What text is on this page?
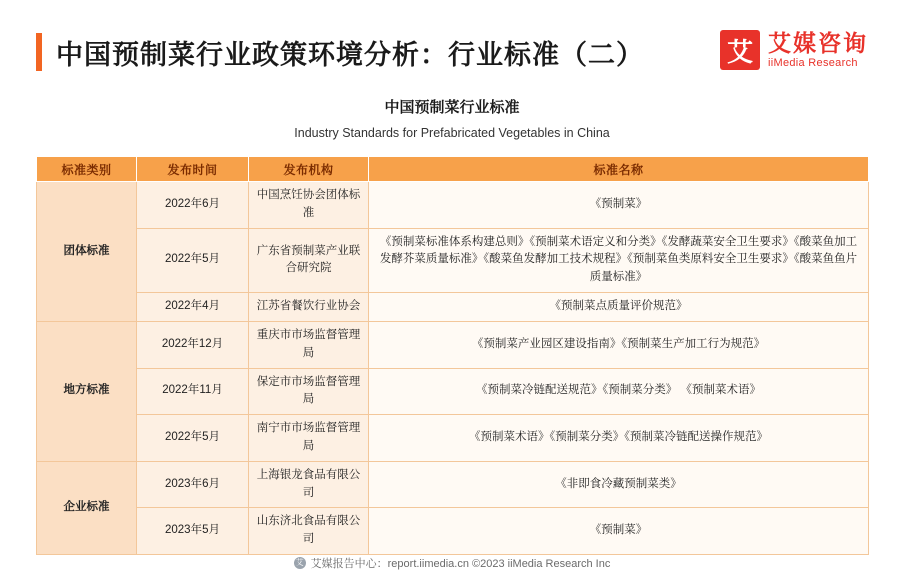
中国预制菜行业政策环境分析：行业标准（二）	艾 艾媒咨询
iiMedia Research
中国预制菜行业标准
Industry Standards for Prefabricated Vegetables in China
标准类别	发布时间	发布机构	标准名称
团体标准	2022年6月	中国烹饪协会团体标准	《预制菜》
	2022年5月	广东省预制菜产业联合研究院	《预制菜标准体系构建总则》《预制菜术语定义和分类》《发酵蔬菜安全卫生要求》《酸菜鱼加工发酵芥菜质量标准》《酸菜鱼发酵加工技术规程》《预制菜鱼类原料安全卫生要求》《酸菜鱼鱼片质量标准》
	2022年4月	江苏省餐饮行业协会	《预制菜点质量评价规范》
地方标准	2022年12月	重庆市市场监督管理局	《预制菜产业园区建设指南》《预制菜生产加工行为规范》
	2022年11月	保定市市场监督管理局	《预制菜冷链配送规范》《预制菜分类》 《预制菜术语》
	2022年5月	南宁市市场监督管理局	《预制菜术语》《预制菜分类》《预制菜冷链配送操作规范》
企业标准	2023年6月	上海银龙食品有限公司	《非即食冷藏预制菜类》
	2023年5月	山东济北食品有限公司	《预制菜》
艾 艾媒报告中心：report.iimedia.cn ©2023 iiMedia Research Inc
